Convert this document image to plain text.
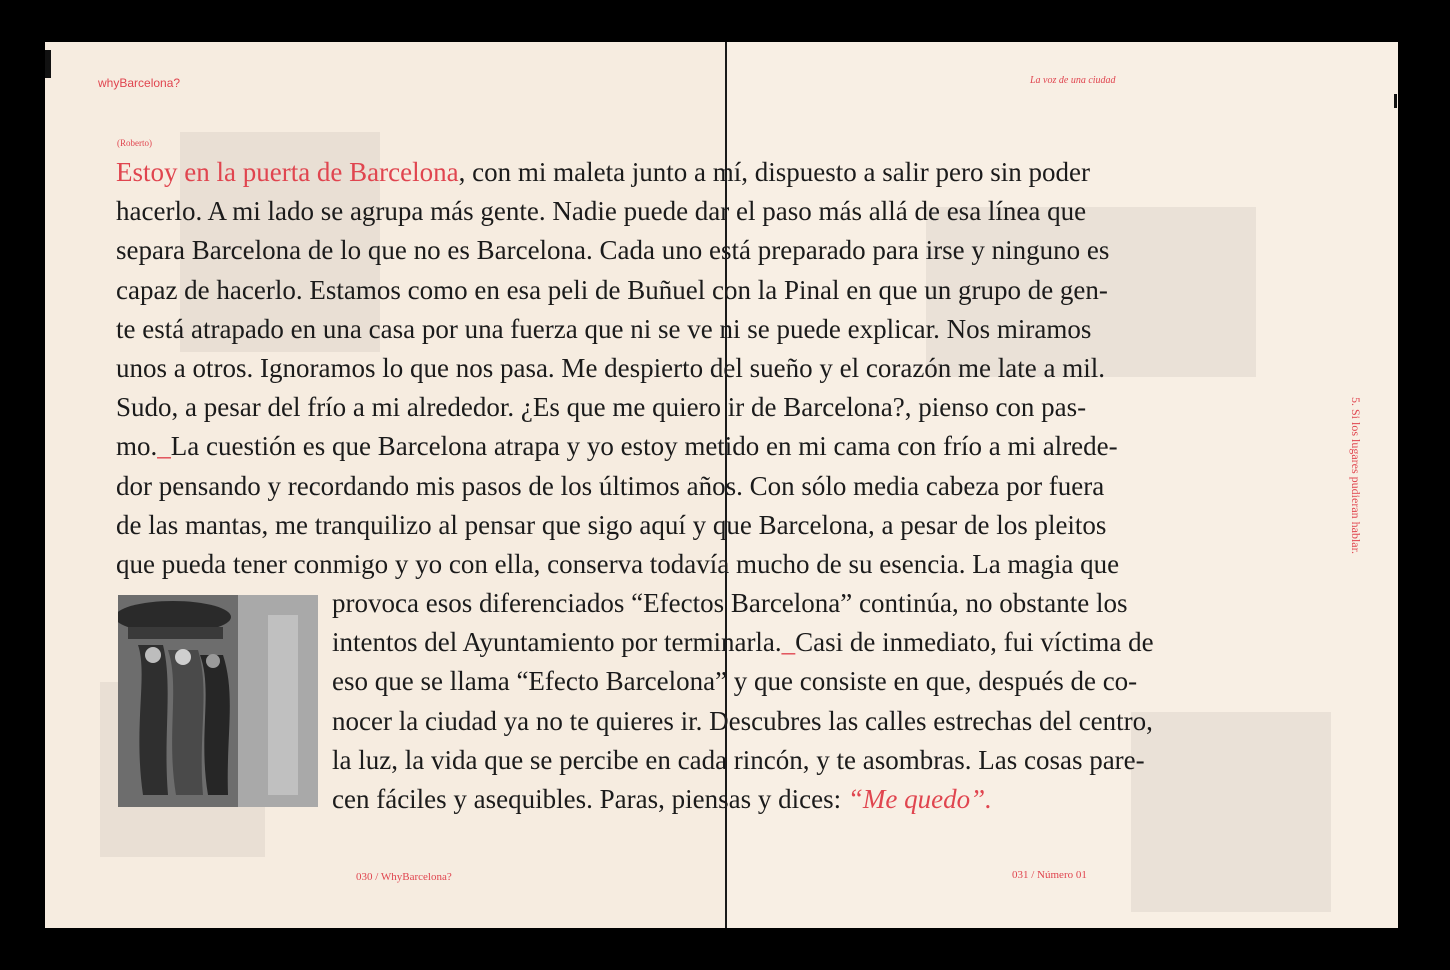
whyBarcelona?	La voz de una ciudad
(Roberto)
Estoy en la puerta de Barcelona, con mi maleta junto a mí, dispuesto a salir pero sin poder
hacerlo. A mi lado se agrupa más gente. Nadie puede dar el paso más allá de esa línea que
separa Barcelona de lo que no es Barcelona. Cada uno está preparado para irse y ninguno es
capaz de hacerlo. Estamos como en esa peli de Buñuel con la Pinal en que un grupo de gen-
te está atrapado en una casa por una fuerza que ni se ve ni se puede explicar. Nos miramos
unos a otros. Ignoramos lo que nos pasa. Me despierto del sueño y el corazón me late a mil.
Sudo, a pesar del frío a mi alrededor. ¿Es que me quiero ir de Barcelona?, pienso con pas-
mo._La cuestión es que Barcelona atrapa y yo estoy metido en mi cama con frío a mi alrede-
dor pensando y recordando mis pasos de los últimos años. Con sólo media cabeza por fuera
de las mantas, me tranquilizo al pensar que sigo aquí y que Barcelona, a pesar de los pleitos
que pueda tener conmigo y yo con ella, conserva todavía mucho de su esencia. La magia que
provoca esos diferenciados “Efectos Barcelona” continúa, no obstante los
intentos del Ayuntamiento por terminarla._Casi de inmediato, fui víctima de
eso que se llama “Efecto Barcelona” y que consiste en que, después de co-
nocer la ciudad ya no te quieres ir. Descubres las calles estrechas del centro,
la luz, la vida que se percibe en cada rincón, y te asombras. Las cosas pare-
cen fáciles y asequibles. Paras, piensas y dices: “Me quedo”.
5. Si los lugares pudieran hablar.
030 / WhyBarcelona?	031 / Número 01
